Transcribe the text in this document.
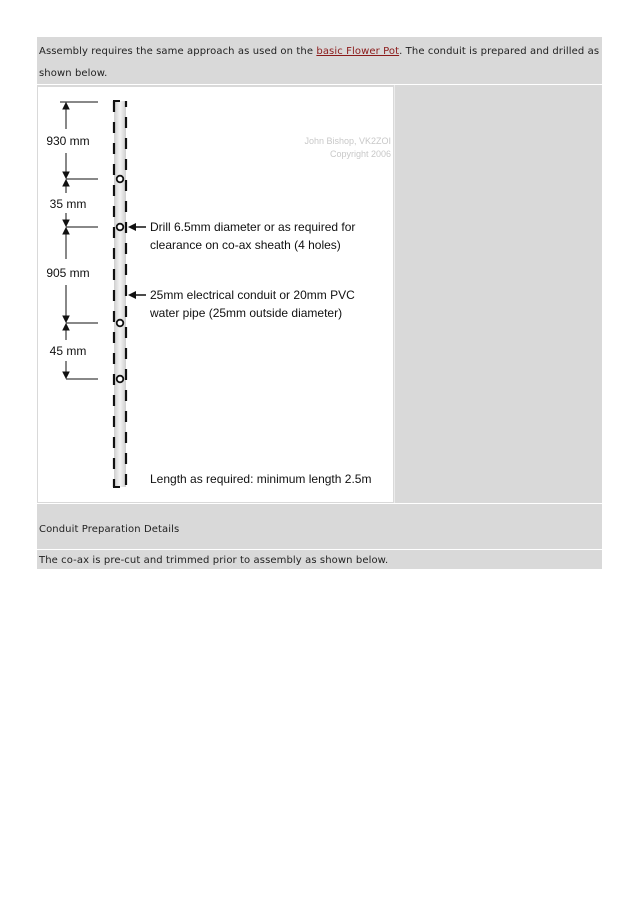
Assembly requires the same approach as used on the basic Flower Pot. The conduit is prepared and drilled as shown below.
John Bishop, VK2ZOI
Copyright 2006
930 mm
35 mm
905 mm
45 mm
Drill 6.5mm diameter or as required for
clearance on co-ax sheath (4 holes)
25mm electrical conduit or 20mm PVC
water pipe (25mm outside diameter)
Length as required: minimum length 2.5m
Conduit Preparation Details
The co-ax is pre-cut and trimmed prior to assembly as shown below.
